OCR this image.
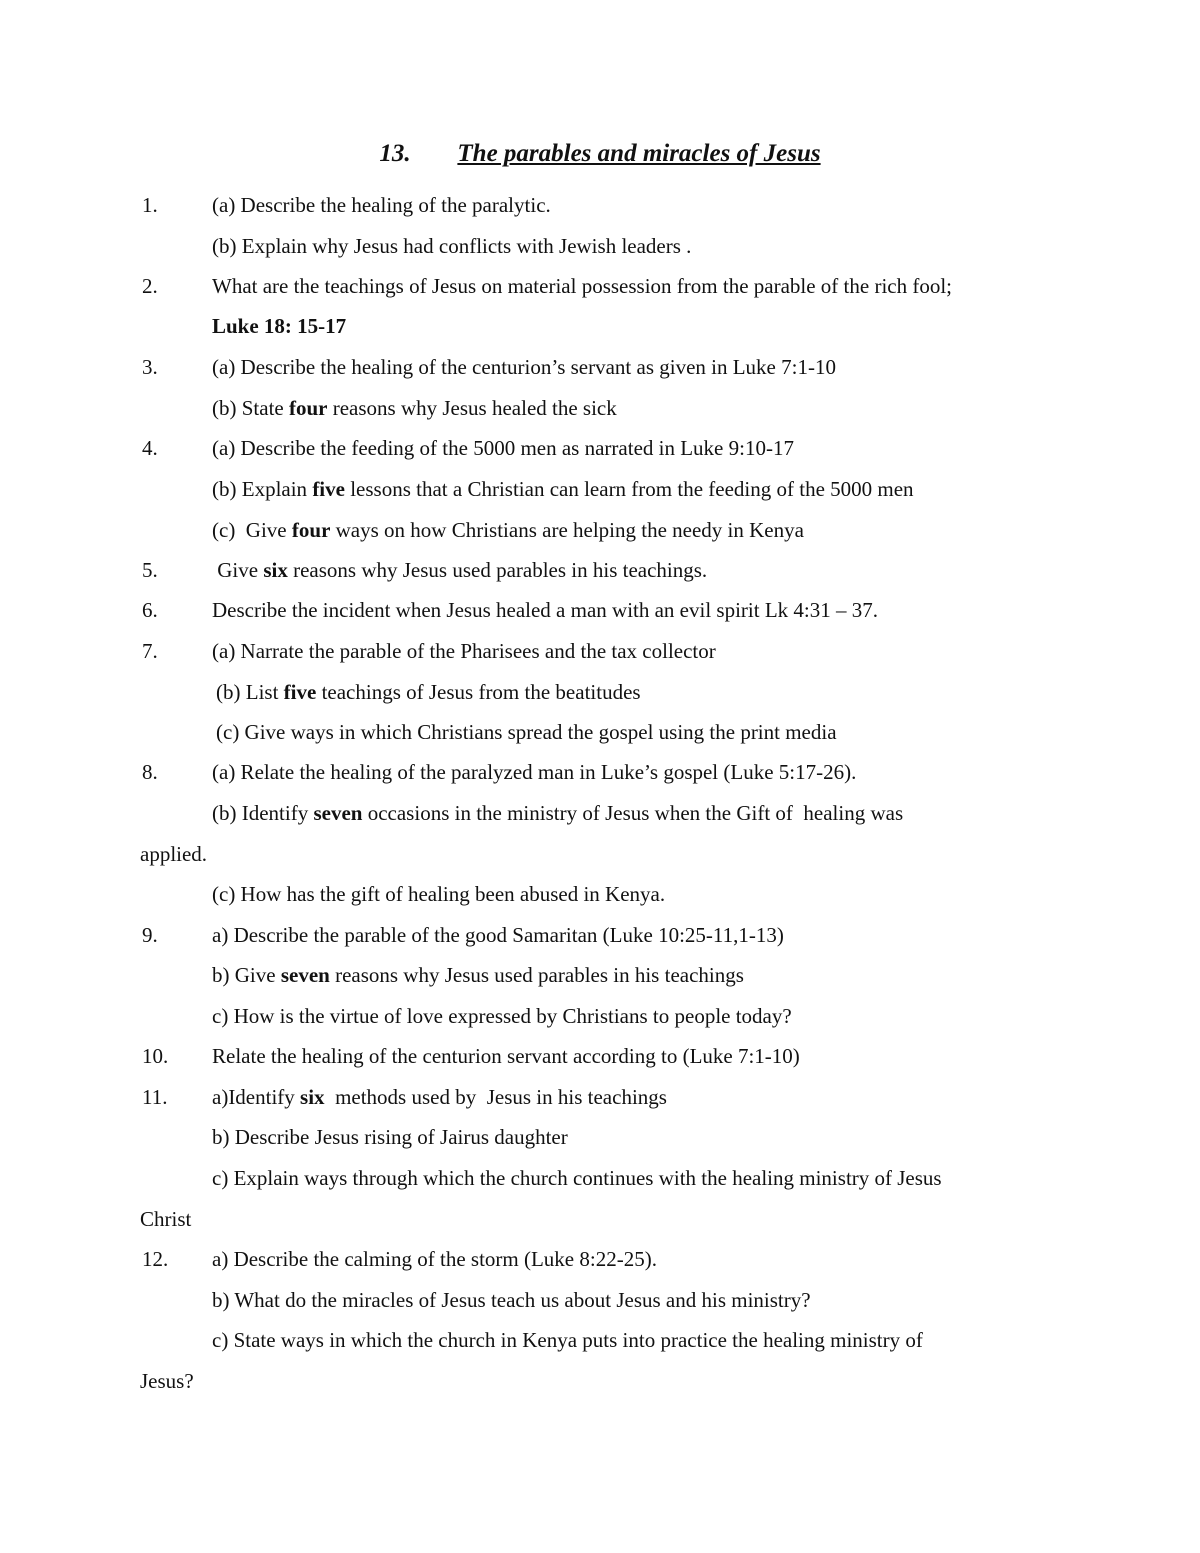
13. The parables and miracles of Jesus
1.	(a) Describe the healing of the paralytic.
(b) Explain why Jesus had conflicts with Jewish leaders .
2.	What are the teachings of Jesus on material possession from the parable of the rich fool;
Luke 18: 15-17
3.	(a) Describe the healing of the centurion’s servant as given in Luke 7:1-10
(b) State four reasons why Jesus healed the sick
4.	(a) Describe the feeding of the 5000 men as narrated in Luke 9:10-17
(b) Explain five lessons that a Christian can learn from the feeding of the 5000 men
(c)  Give four ways on how Christians are helping the needy in Kenya
5.	Give six reasons why Jesus used parables in his teachings.
6.	Describe the incident when Jesus healed a man with an evil spirit Lk 4:31 – 37.
7.	(a) Narrate the parable of the Pharisees and the tax collector
(b) List five teachings of Jesus from the beatitudes
(c) Give ways in which Christians spread the gospel using the print media
8.	(a) Relate the healing of the paralyzed man in Luke’s gospel (Luke 5:17-26).
(b) Identify seven occasions in the ministry of Jesus when the Gift of  healing was
applied.
(c) How has the gift of healing been abused in Kenya.
9.	a) Describe the parable of the good Samaritan (Luke 10:25-11,1-13)
b) Give seven reasons why Jesus used parables in his teachings
c) How is the virtue of love expressed by Christians to people today?
10. Relate the healing of the centurion servant according to (Luke 7:1-10)
11. a)Identify six  methods used by  Jesus in his teachings
b) Describe Jesus rising of Jairus daughter
c) Explain ways through which the church continues with the healing ministry of Jesus
Christ
12. a) Describe the calming of the storm (Luke 8:22-25).
b) What do the miracles of Jesus teach us about Jesus and his ministry?
c) State ways in which the church in Kenya puts into practice the healing ministry of
Jesus?
